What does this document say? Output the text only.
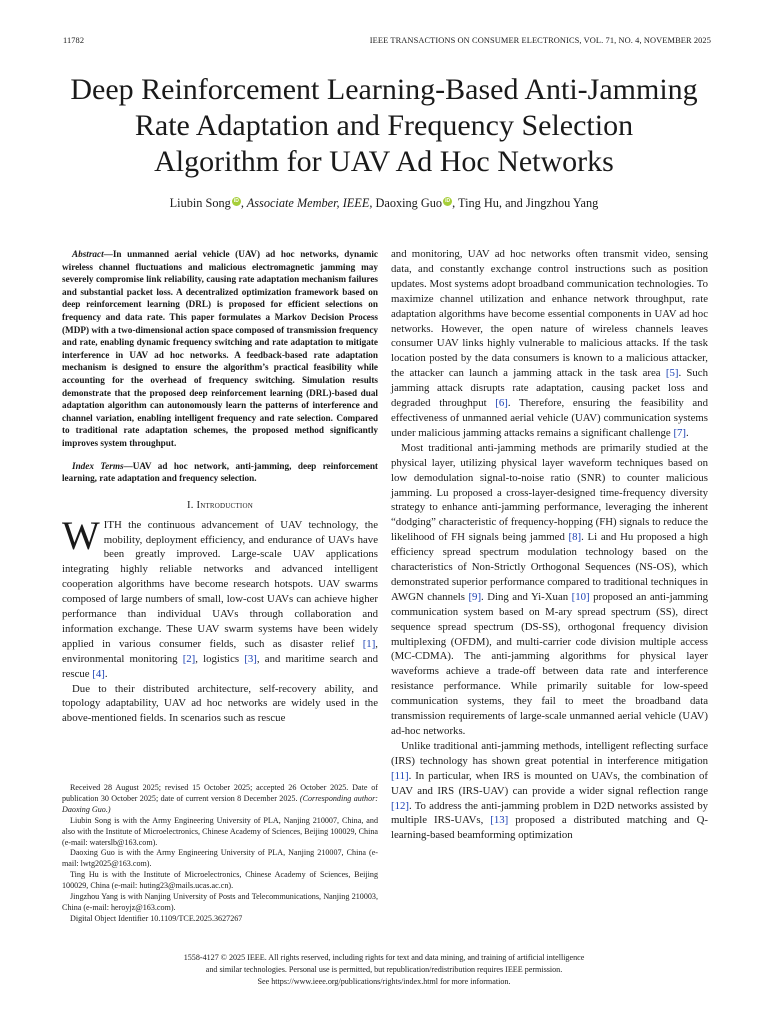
11782	IEEE TRANSACTIONS ON CONSUMER ELECTRONICS, VOL. 71, NO. 4, NOVEMBER 2025
Deep Reinforcement Learning-Based Anti-Jamming
Rate Adaptation and Frequency Selection
Algorithm for UAV Ad Hoc Networks
Liubin Song iD , Associate Member, IEEE, Daoxing Guo iD , Ting Hu, and Jingzhou Yang

Abstract—In unmanned aerial vehicle (UAV) ad hoc networks, dynamic wireless channel fluctuations and malicious electromagnetic jamming may severely compromise link reliability, causing rate adaptation mechanism failures and substantial packet loss. A decentralized optimization framework based on deep reinforcement learning (DRL) is proposed for efficient selections on frequency and data rate. This paper formulates a Markov Decision Process (MDP) with a two-dimensional action space composed of transmission frequency and rate, enabling dynamic frequency switching and rate adaptation to mitigate interference in UAV ad hoc networks. A feedback-based rate adaptation mechanism is designed to ensure the algorithm’s practical feasibility while accounting for the overhead of frequency switching. Simulation results demonstrate that the proposed deep reinforcement learning (DRL)-based dual adaptation algorithm can autonomously learn the patterns of interference and channel variation, enabling intelligent frequency and rate selection. Compared to traditional rate adaptation schemes, the proposed method significantly improves system throughput.

Index Terms—UAV ad hoc network, anti-jamming, deep reinforcement learning, rate adaptation and frequency selection.

I. Introduction

WITH the continuous advancement of UAV technology, the mobility, deployment efficiency, and endurance of UAVs have been greatly improved. Large-scale UAV applications integrating highly reliable networks and advanced intelligent cooperation algorithms have become research hotspots. UAV swarms composed of large numbers of small, low-cost UAVs can achieve higher performance than individual UAVs through collaboration and information exchange. These UAV swarm systems have been widely applied in various consumer fields, such as disaster relief [1], environmental monitoring [2], logistics [3], and maritime search and rescue [4].

Due to their distributed architecture, self-recovery ability, and topology adaptability, UAV ad hoc networks are widely used in the above-mentioned fields. In scenarios such as rescue

Received 28 August 2025; revised 15 October 2025; accepted 26 October 2025. Date of publication 30 October 2025; date of current version 8 December 2025. (Corresponding author: Daoxing Guo.)

Liubin Song is with the Army Engineering University of PLA, Nanjing 210007, China, and also with the Institute of Microelectronics, Chinese Academy of Sciences, Beijing 100029, China (e-mail: waterslb@163.com).

Daoxing Guo is with the Army Engineering University of PLA, Nanjing 210007, China (e-mail: lwtg2025@163.com).

Ting Hu is with the Institute of Microelectronics, Chinese Academy of Sciences, Beijing 100029, China (e-mail: huting23@mails.ucas.ac.cn).

Jingzhou Yang is with Nanjing University of Posts and Telecommunications, Nanjing 210003, China (e-mail: heroyjz@163.com).

Digital Object Identifier 10.1109/TCE.2025.3627267

and monitoring, UAV ad hoc networks often transmit video, sensing data, and constantly exchange control instructions such as position updates. Most systems adopt broadband communication technologies. To maximize channel utilization and enhance network throughput, rate adaptation algorithms have become essential components in UAV ad hoc networks. However, the open nature of wireless channels leaves consumer UAV links highly vulnerable to malicious attacks. If the task location posted by the data consumers is known to a malicious attacker, the attacker can launch a jamming attack in the task area [5]. Such jamming attack disrupts rate adaptation, causing packet loss and degraded throughput [6]. Therefore, ensuring the feasibility and effectiveness of unmanned aerial vehicle (UAV) communication systems under malicious jamming attacks remains a significant challenge [7].

Most traditional anti-jamming methods are primarily studied at the physical layer, utilizing physical layer waveform techniques based on low demodulation signal-to-noise ratio (SNR) to counter malicious jamming. Lu proposed a cross-layer-designed time-frequency diversity strategy to enhance anti-jamming performance, leveraging the inherent “dodging” characteristic of frequency-hopping (FH) signals to reduce the likelihood of FH signals being jammed [8]. Li and Hu proposed a high efficiency spread spectrum modulation technology based on the characteristics of Non-Strictly Orthogonal Sequences (NS-OS), which demonstrated superior performance compared to traditional techniques in AWGN channels [9]. Ding and Yi-Xuan [10] proposed an anti-jamming communication system based on M-ary spread spectrum (SS), direct sequence spread spectrum (DS-SS), orthogonal frequency division multiplexing (OFDM), and multi-carrier code division multiple access (MC-CDMA). The anti-jamming algorithms for physical layer waveforms achieve a trade-off between data rate and interference resistance performance. While primarily suitable for low-speed communication systems, they fail to meet the broadband data transmission requirements of large-scale unmanned aerial vehicle (UAV) ad-hoc networks.

Unlike traditional anti-jamming methods, intelligent reflecting surface (IRS) technology has shown great potential in interference mitigation [11]. In particular, when IRS is mounted on UAVs, the combination of UAV and IRS (IRS-UAV) can provide a wider signal reflection range [12]. To address the anti-jamming problem in D2D networks assisted by multiple IRS-UAVs, [13] proposed a distributed matching and Q-learning-based beamforming optimization

1558-4127 © 2025 IEEE. All rights reserved, including rights for text and data mining, and training of artificial intelligence
and similar technologies. Personal use is permitted, but republication/redistribution requires IEEE permission.
See https://www.ieee.org/publications/rights/index.html for more information.
